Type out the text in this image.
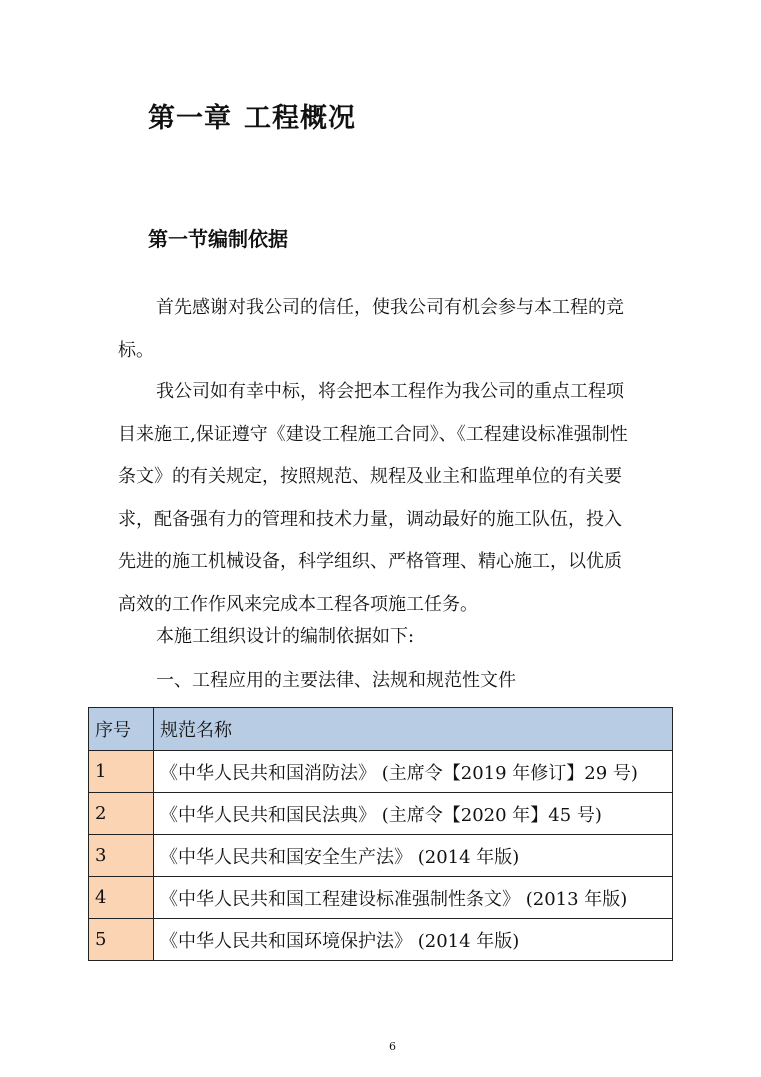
第一章 工程概况
第一节编制依据

首先感谢对我公司的信任，使我公司有机会参与本工程的竞标。

我公司如有幸中标，将会把本工程作为我公司的重点工程项目来施工,保证遵守《建设工程施工合同》、《工程建设标准强制性条文》的有关规定，按照规范、规程及业主和监理单位的有关要求，配备强有力的管理和技术力量，调动最好的施工队伍，投入先进的施工机械设备，科学组织、严格管理、精心施工，以优质高效的工作作风来完成本工程各项施工任务。

本施工组织设计的编制依据如下:
一、工程应用的主要法律、法规和规范性文件
序号	规范名称
1	《中华人民共和国消防法》 (主席令【2019 年修订】29 号)
2	《中华人民共和国民法典》 (主席令【2020 年】45 号)
3	《中华人民共和国安全生产法》 (2014 年版)
4	《中华人民共和国工程建设标准强制性条文》 (2013 年版)
5	《中华人民共和国环境保护法》 (2014 年版)
6
